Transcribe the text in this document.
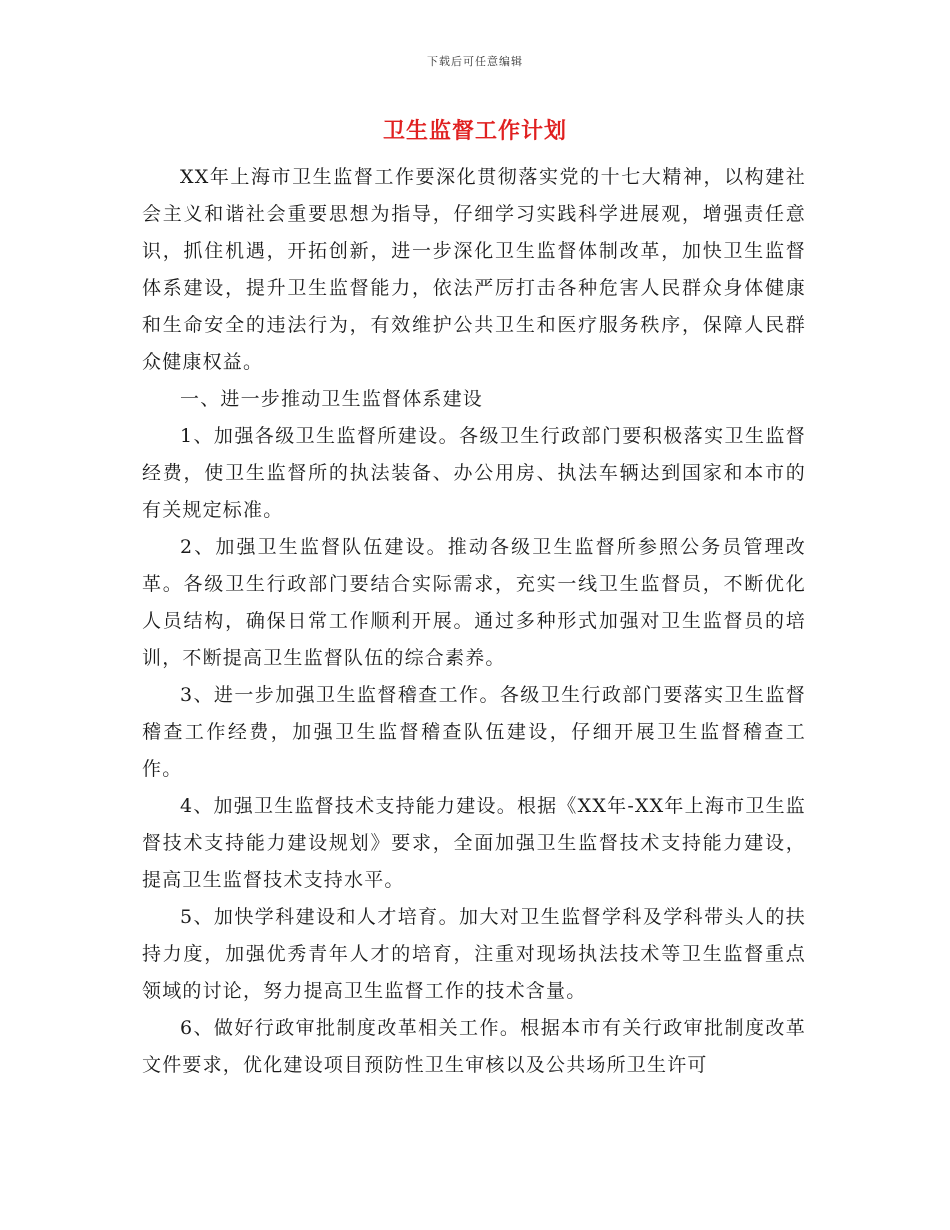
下载后可任意编辑
卫生监督工作计划

XX年上海市卫生监督工作要深化贯彻落实党的十七大精神，以构建社会主义和谐社会重要思想为指导，仔细学习实践科学进展观，增强责任意识，抓住机遇，开拓创新，进一步深化卫生监督体制改革，加快卫生监督体系建设，提升卫生监督能力，依法严厉打击各种危害人民群众身体健康和生命安全的违法行为，有效维护公共卫生和医疗服务秩序，保障人民群众健康权益。

一、进一步推动卫生监督体系建设

1、加强各级卫生监督所建设。各级卫生行政部门要积极落实卫生监督经费，使卫生监督所的执法装备、办公用房、执法车辆达到国家和本市的有关规定标准。

2、加强卫生监督队伍建设。推动各级卫生监督所参照公务员管理改革。各级卫生行政部门要结合实际需求，充实一线卫生监督员，不断优化人员结构，确保日常工作顺利开展。通过多种形式加强对卫生监督员的培训，不断提高卫生监督队伍的综合素养。

3、进一步加强卫生监督稽查工作。各级卫生行政部门要落实卫生监督稽查工作经费，加强卫生监督稽查队伍建设，仔细开展卫生监督稽查工作。

4、加强卫生监督技术支持能力建设。根据《XX年-XX年上海市卫生监督技术支持能力建设规划》要求，全面加强卫生监督技术支持能力建设，提高卫生监督技术支持水平。

5、加快学科建设和人才培育。加大对卫生监督学科及学科带头人的扶持力度，加强优秀青年人才的培育，注重对现场执法技术等卫生监督重点领域的讨论，努力提高卫生监督工作的技术含量。

6、做好行政审批制度改革相关工作。根据本市有关行政审批制度改革文件要求，优化建设项目预防性卫生审核以及公共场所卫生许可
